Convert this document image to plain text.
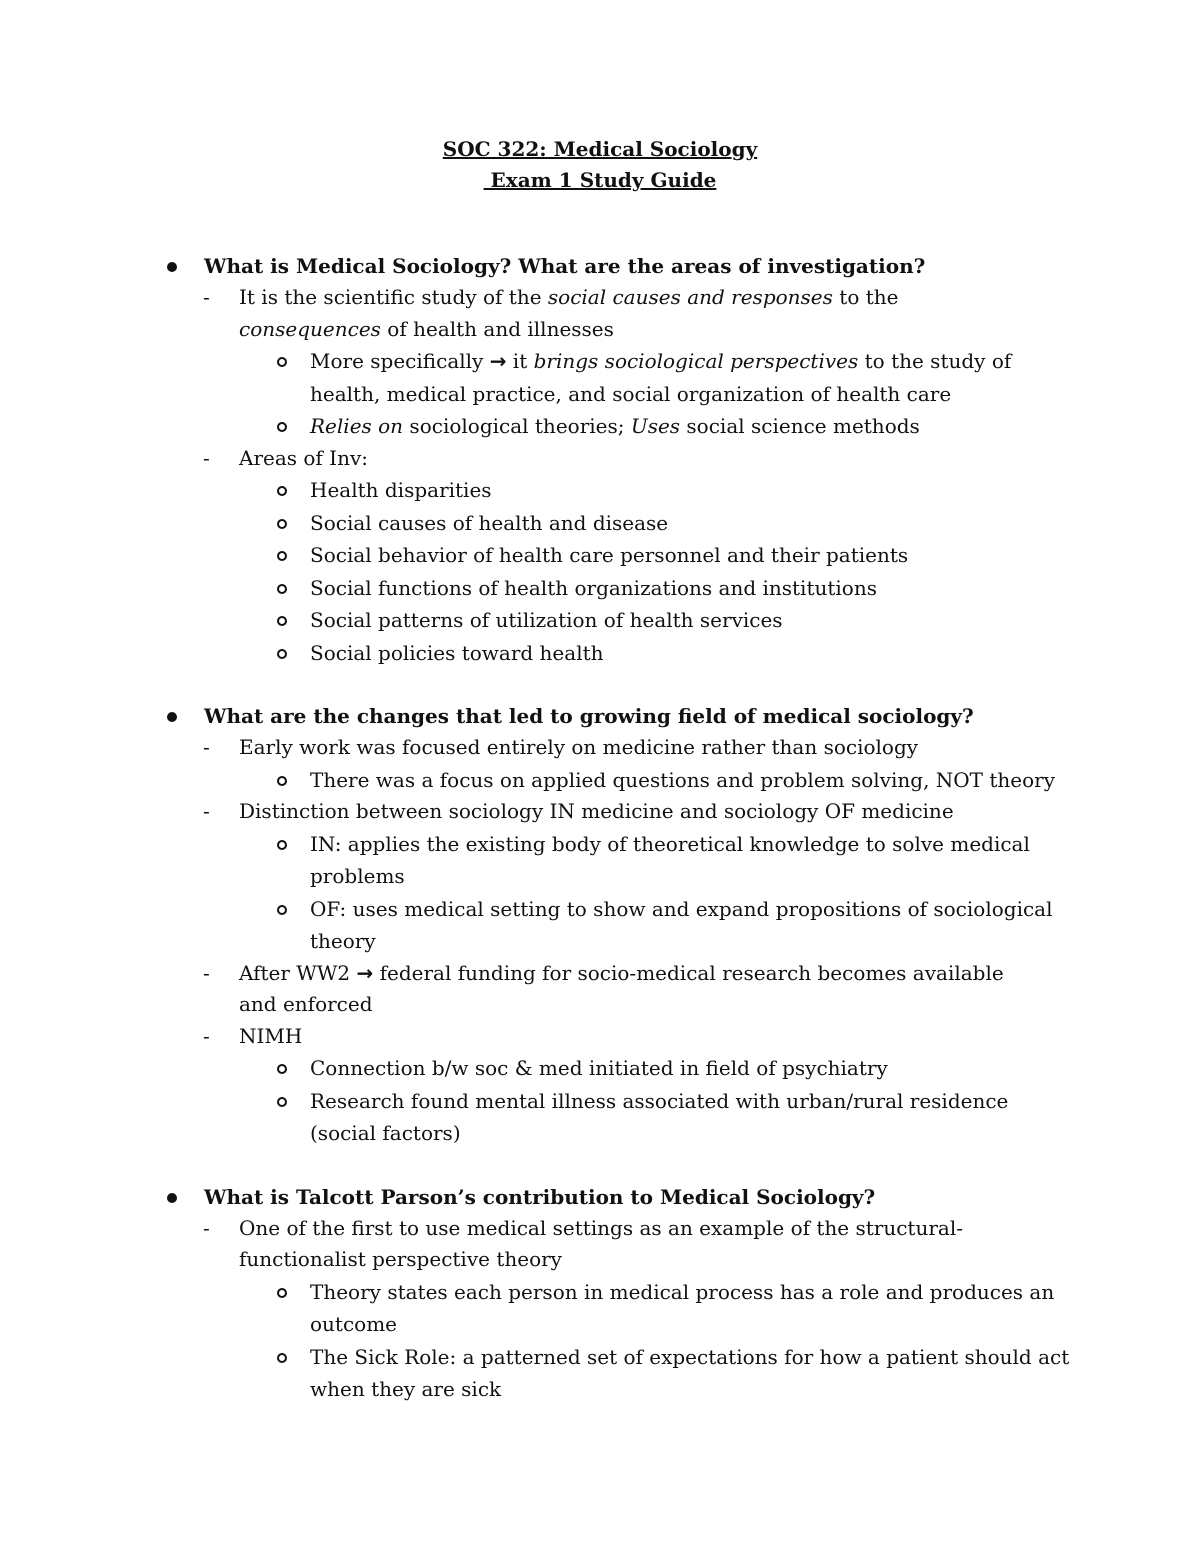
SOC 322: Medical Sociology
Exam 1 Study Guide
What is Medical Sociology? What are the areas of investigation?
- It is the scientific study of the social causes and responses to the consequences of health and illnesses
More specifically → it brings sociological perspectives to the study of health, medical practice, and social organization of health care
Relies on sociological theories; Uses social science methods
- Areas of Inv:
Health disparities
Social causes of health and disease
Social behavior of health care personnel and their patients
Social functions of health organizations and institutions
Social patterns of utilization of health services
Social policies toward health
What are the changes that led to growing field of medical sociology?
- Early work was focused entirely on medicine rather than sociology
There was a focus on applied questions and problem solving, NOT theory
- Distinction between sociology IN medicine and sociology OF medicine
IN: applies the existing body of theoretical knowledge to solve medical problems
OF: uses medical setting to show and expand propositions of sociological theory
- After WW2 → federal funding for socio-medical research becomes available and enforced
- NIMH
Connection b/w soc & med initiated in field of psychiatry
Research found mental illness associated with urban/rural residence (social factors)
What is Talcott Parson’s contribution to Medical Sociology?
- One of the first to use medical settings as an example of the structural-functionalist perspective theory
Theory states each person in medical process has a role and produces an outcome
The Sick Role: a patterned set of expectations for how a patient should act when they are sick
